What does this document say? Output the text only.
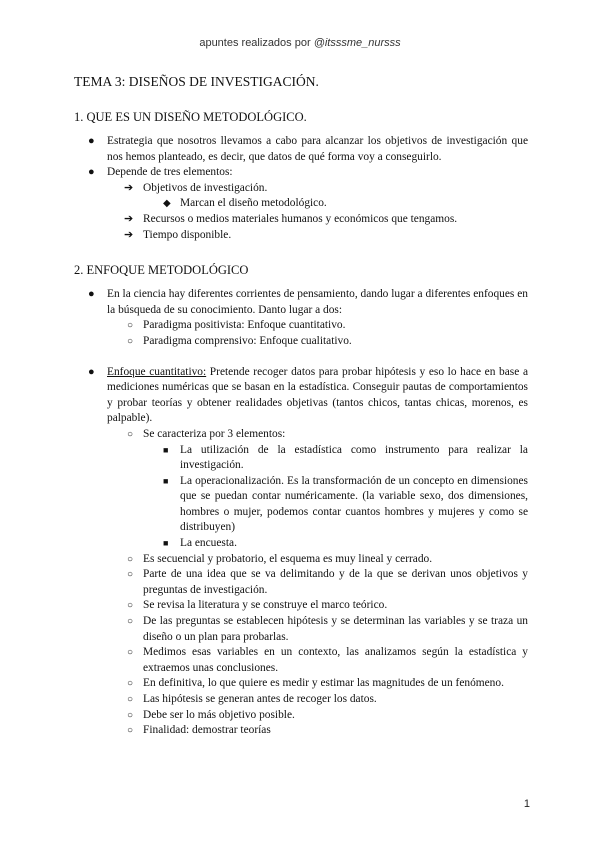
apuntes realizados por @itsssme_nursss
TEMA 3: DISEÑOS DE INVESTIGACIÓN.
1. QUE ES UN DISEÑO METODOLÓGICO.
● Estrategia que nosotros llevamos a cabo para alcanzar los objetivos de investigación que nos hemos planteado, es decir, que datos de qué forma voy a conseguirlo.
● Depende de tres elementos:
➔ Objetivos de investigación.
◆ Marcan el diseño metodológico.
➔ Recursos o medios materiales humanos y económicos que tengamos.
➔ Tiempo disponible.
2. ENFOQUE METODOLÓGICO
● En la ciencia hay diferentes corrientes de pensamiento, dando lugar a diferentes enfoques en la búsqueda de su conocimiento. Danto lugar a dos:
○ Paradigma positivista: Enfoque cuantitativo.
○ Paradigma comprensivo: Enfoque cualitativo.
● Enfoque cuantitativo: Pretende recoger datos para probar hipótesis y eso lo hace en base a mediciones numéricas que se basan en la estadística. Conseguir pautas de comportamientos y probar teorías y obtener realidades objetivas (tantos chicos, tantas chicas, morenos, es palpable).
○ Se caracteriza por 3 elementos:
■ La utilización de la estadística como instrumento para realizar la investigación.
■ La operacionalización. Es la transformación de un concepto en dimensiones que se puedan contar numéricamente. (la variable sexo, dos dimensiones, hombres o mujer, podemos contar cuantos hombres y mujeres y como se distribuyen)
■ La encuesta.
○ Es secuencial y probatorio, el esquema es muy lineal y cerrado.
○ Parte de una idea que se va delimitando y de la que se derivan unos objetivos y preguntas de investigación.
○ Se revisa la literatura y se construye el marco teórico.
○ De las preguntas se establecen hipótesis y se determinan las variables y se traza un diseño o un plan para probarlas.
○ Medimos esas variables en un contexto, las analizamos según la estadística y extraemos unas conclusiones.
○ En definitiva, lo que quiere es medir y estimar las magnitudes de un fenómeno.
○ Las hipótesis se generan antes de recoger los datos.
○ Debe ser lo más objetivo posible.
○ Finalidad: demostrar teorías
1
